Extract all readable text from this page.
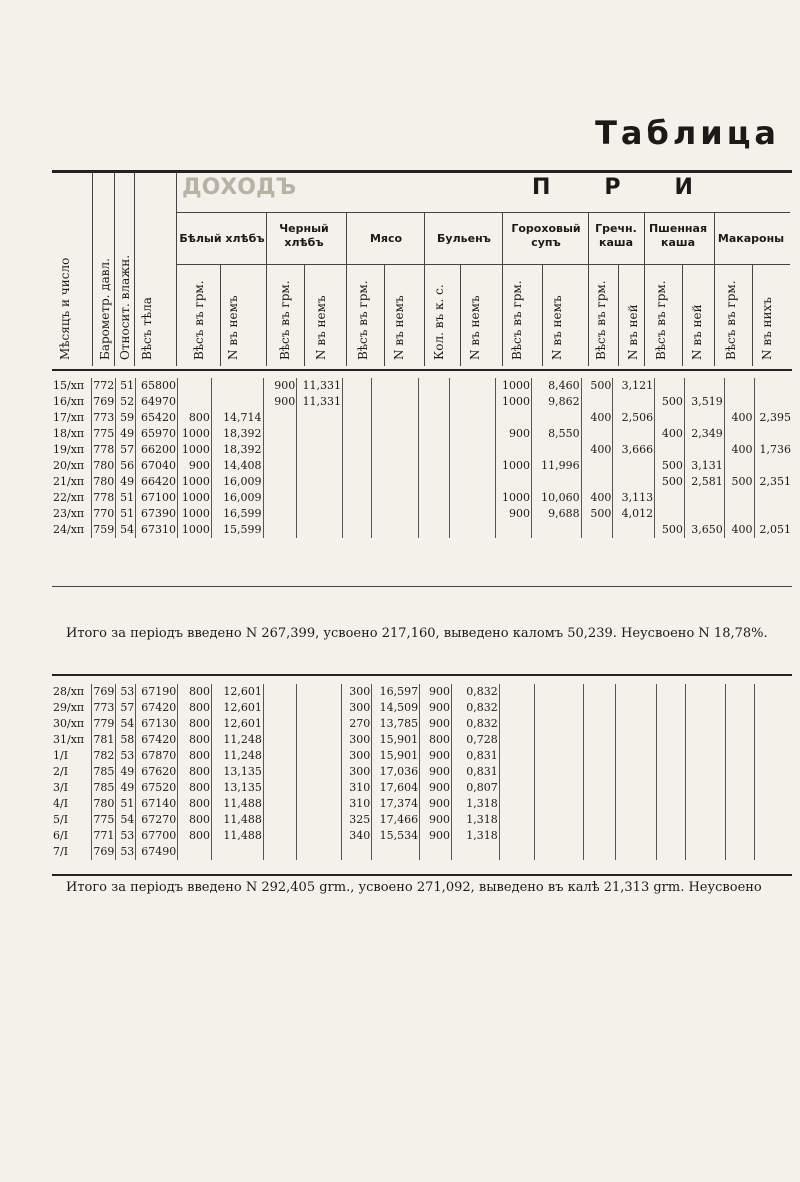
Таблица
ДОХОДЪ	ПРИ
Мѣсяцъ и число Барометр. давл. Относит. влажн. Вѣсъ тѣла
Бѣлый хлѣбъ
Черный хлѣбъ	Мясо	Бульенъ
Гороховый супъ
Гречн. каша
Пшенная каша	Макароны
Вѣсъ въ грм. N въ немъ	Вѣсъ въ грм. N въ немъ Вѣсъ въ грм. N въ немъ Кол. въ к. с. N въ немъ Вѣсъ въ грм. N въ немъ	Вѣсъ въ грм. N въ ней Вѣсъ въ грм. N въ ней Вѣсъ въ грм. N въ нихъ
15/хп	772	51	65800			900	11,331					1000	8,460	500	3,121				
16/хп	769	52	64970			900	11,331					1000	9,862			500	3,519		
17/хп	773	59	65420	800	14,714									400	2,506			400	2,395
18/хп	775	49	65970	1000	18,392							900	8,550			400	2,349		
19/хп	778	57	66200	1000	18,392									400	3,666			400	1,736
20/хп	780	56	67040	900	14,408							1000	11,996			500	3,131		
21/хп	780	49	66420	1000	16,009											500	2,581	500	2,351
22/хп	778	51	67100	1000	16,009							1000	10,060	400	3,113				
23/хп	770	51	67390	1000	16,599							900	9,688	500	4,012				
24/хп	759	54	67310	1000	15,599											500	3,650	400	2,051
Итого за періодъ введено N 267,399, усвоено 217,160, выведено каломъ 50,239. Неусвоено N 18,78%.
28/хп	769	53	67190	800	12,601			300	16,597	900	0,832								
29/хп	773	57	67420	800	12,601			300	14,509	900	0,832								
30/хп	779	54	67130	800	12,601			270	13,785	900	0,832								
31/хп	781	58	67420	800	11,248			300	15,901	800	0,728								
1/I	782	53	67870	800	11,248			300	15,901	900	0,831								
2/I	785	49	67620	800	13,135			300	17,036	900	0,831								
3/I	785	49	67520	800	13,135			310	17,604	900	0,807								
4/I	780	51	67140	800	11,488			310	17,374	900	1,318								
5/I	775	54	67270	800	11,488			325	17,466	900	1,318								
6/I	771	53	67700	800	11,488			340	15,534	900	1,318								
7/I	769	53	67490																
Итого за періодъ введено N 292,405 grm., усвоено 271,092, выведено въ калѣ 21,313 grm. Неусвоено
